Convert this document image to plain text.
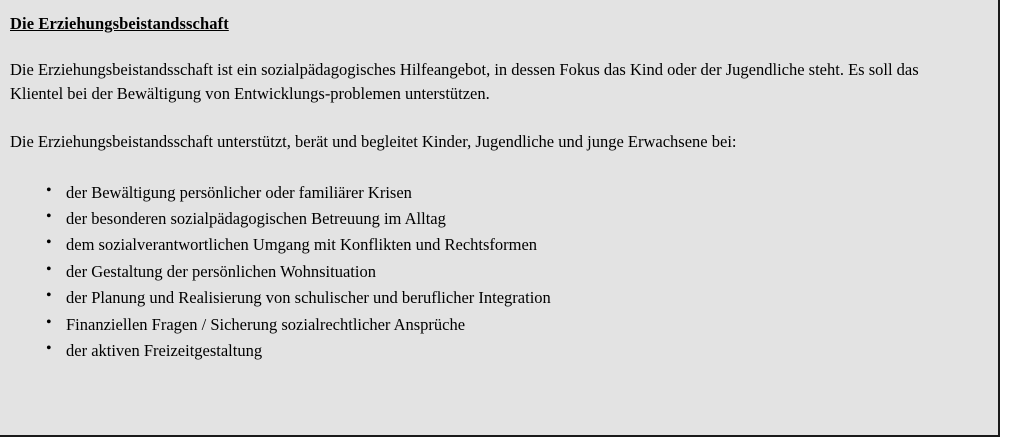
Die Erziehungsbeistandsschaft

Die Erziehungsbeistandsschaft ist ein sozialpädagogisches Hilfeangebot, in dessen Fokus das Kind oder der Jugendliche steht. Es soll das Klientel bei der Bewältigung von Entwicklungs-problemen unterstützen.

Die Erziehungsbeistandsschaft unterstützt, berät und begleitet Kinder, Jugendliche und junge Erwachsene bei:

• der Bewältigung persönlicher oder familiärer Krisen
• der besonderen sozialpädagogischen Betreuung im Alltag
• dem sozialverantwortlichen Umgang mit Konflikten und Rechtsformen
• der Gestaltung der persönlichen Wohnsituation
• der Planung und Realisierung von schulischer und beruflicher Integration
• Finanziellen Fragen / Sicherung sozialrechtlicher Ansprüche
• der aktiven Freizeitgestaltung
